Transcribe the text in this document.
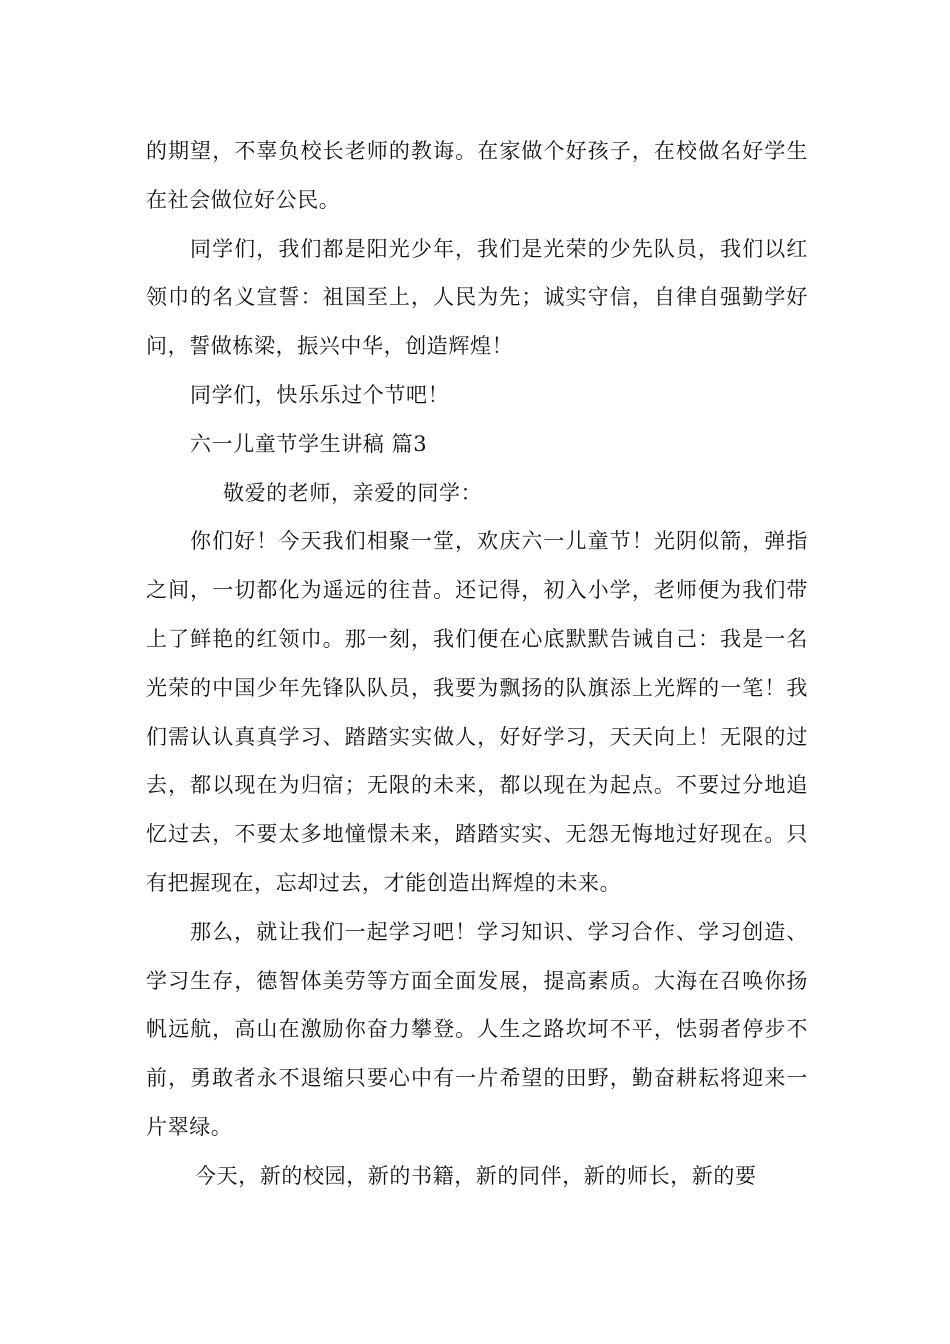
的期望，不辜负校长老师的教诲。在家做个好孩子，在校做名好学生在社会做位好公民。

同学们，我们都是阳光少年，我们是光荣的少先队员，我们以红领巾的名义宣誓：祖国至上，人民为先；诚实守信，自律自强勤学好问，誓做栋梁，振兴中华，创造辉煌！

同学们，快乐乐过个节吧！

六一儿童节学生讲稿 篇3

敬爱的老师，亲爱的同学：

你们好！今天我们相聚一堂，欢庆六一儿童节！光阴似箭，弹指之间，一切都化为遥远的往昔。还记得，初入小学，老师便为我们带上了鲜艳的红领巾。那一刻，我们便在心底默默告诫自己：我是一名光荣的中国少年先锋队队员，我要为飘扬的队旗添上光辉的一笔！我们需认认真真学习、踏踏实实做人，好好学习，天天向上！无限的过去，都以现在为归宿；无限的未来，都以现在为起点。不要过分地追忆过去，不要太多地憧憬未来，踏踏实实、无怨无悔地过好现在。只有把握现在，忘却过去，才能创造出辉煌的未来。

那么，就让我们一起学习吧！学习知识、学习合作、学习创造、学习生存，德智体美劳等方面全面发展，提高素质。大海在召唤你扬帆远航，高山在激励你奋力攀登。人生之路坎坷不平，怯弱者停步不前，勇敢者永不退缩只要心中有一片希望的田野，勤奋耕耘将迎来一片翠绿。

今天，新的校园，新的书籍，新的同伴，新的师长，新的要
